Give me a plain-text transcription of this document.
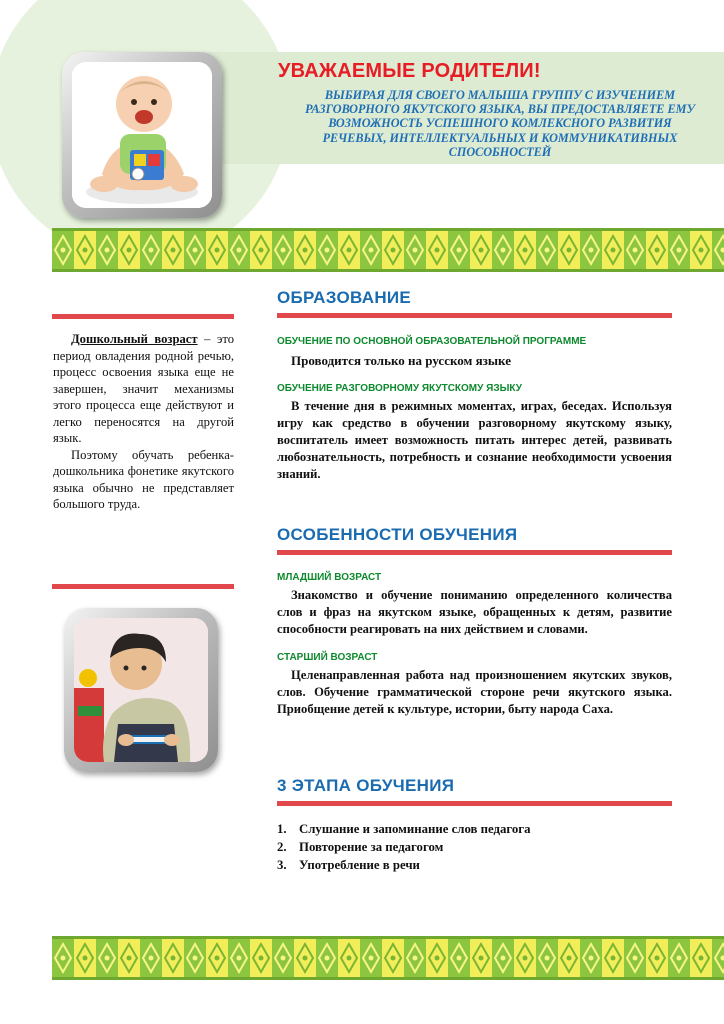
УВАЖАЕМЫЕ РОДИТЕЛИ!
ВЫБИРАЯ ДЛЯ СВОЕГО МАЛЫША ГРУППУ С ИЗУЧЕНИЕМ РАЗГОВОРНОГО ЯКУТСКОГО ЯЗЫКА, ВЫ ПРЕДОСТАВЛЯЕТЕ ЕМУ ВОЗМОЖНОСТЬ УСПЕШНОГО КОМЛЕКСНОГО РАЗВИТИЯ РЕЧЕВЫХ, ИНТЕЛЛЕКТУАЛЬНЫХ И КОММУНИКАТИВНЫХ СПОСОБНОСТЕЙ

Дошкольный возраст – это период овладения родной речью, процесс освоения языка еще не завершен, значит механизмы этого процесса еще действуют и легко переносятся на другой язык.

Поэтому обучать ребенка-дошкольника фонетике якутского языка обычно не представляет большого труда.

ОБРАЗОВАНИЕ
ОБУЧЕНИЕ ПО ОСНОВНОЙ ОБРАЗОВАТЕЛЬНОЙ ПРОГРАММЕ
Проводится только на русском языке
ОБУЧЕНИЕ РАЗГОВОРНОМУ ЯКУТСКОМУ ЯЗЫКУ
В течение дня в режимных моментах, играх, беседах. Используя игру как средство в обучении разговорному якутскому языку, воспитатель имеет возможность питать интерес детей, развивать любознательность, потребность и сознание необходимости усвоения знаний.
ОСОБЕННОСТИ ОБУЧЕНИЯ
МЛАДШИЙ ВОЗРАСТ
Знакомство и обучение пониманию определенного количества слов и фраз на якутском языке, обращенных к детям, развитие способности реагировать на них действием и словами.
СТАРШИЙ ВОЗРАСТ
Целенаправленная работа над произношением якутских звуков, слов. Обучение грамматической стороне речи якутского языка. Приобщение детей к культуре, истории, быту народа Саха.
3 ЭТАПА ОБУЧЕНИЯ
1. Слушание и запоминание слов педагога
2. Повторение за педагогом
3. Употребление в речи
